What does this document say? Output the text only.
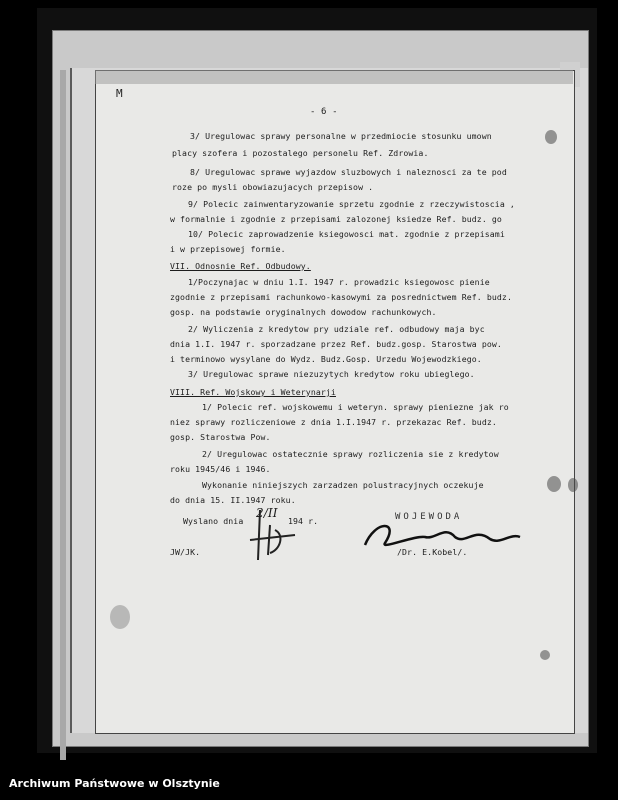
M
- 6 -
3/ Uregulowac sprawy personalne w przedmiocie stosunku umown
placy szofera i pozostalego personelu Ref. Zdrowia.
8/ Uregulowac sprawe wyjazdow sluzbowych i naleznosci za te pod
roze po mysli obowiazujacych przepisow .
9/ Polecic zainwentaryzowanie sprzetu zgodnie z rzeczywistoscia ,
w formalnie i zgodnie z przepisami zalozonej ksiedze Ref. budz. go
10/ Polecic zaprowadzenie ksiegowosci mat. zgodnie z przepisami
i w przepisowej formie.
VII. Odnosnie Ref. Odbudowy.
1/Poczynajac w dniu 1.I. 1947 r. prowadzic ksiegowosc pienie
zgodnie z przepisami rachunkowo-kasowymi za posrednictwem Ref. budz.
gosp. na podstawie oryginalnych dowodow rachunkowych.
2/ Wyliczenia z kredytow pry udziale ref. odbudowy maja byc
dnia 1.I. 1947 r. sporzadzane przez Ref. budz.gosp. Starostwa pow.
i terminowo wysylane do Wydz. Budz.Gosp. Urzedu Wojewodzkiego.
3/ Uregulowac sprawe niezuzytych kredytow roku ubieglego.
VIII. Ref. Wojskowy i Weterynarji
1/ Polecic ref. wojskowemu i weteryn. sprawy pieniezne jak ro
niez sprawy rozliczeniowe z dnia 1.I.1947 r. przekazac Ref. budz.
gosp. Starostwa Pow.
2/ Uregulowac ostatecznie sprawy rozliczenia sie z kredytow
roku 1945/46 i 1946.
Wykonanie niniejszych zarzadzen polustracyjnych oczekuje
do dnia 15. II.1947 roku.
Wyslano dnia	194 r.
2/II	WOJEWODA
JW/JK.	/Dr. E.Kobel/.
Archiwum Państwowe w Olsztynie
